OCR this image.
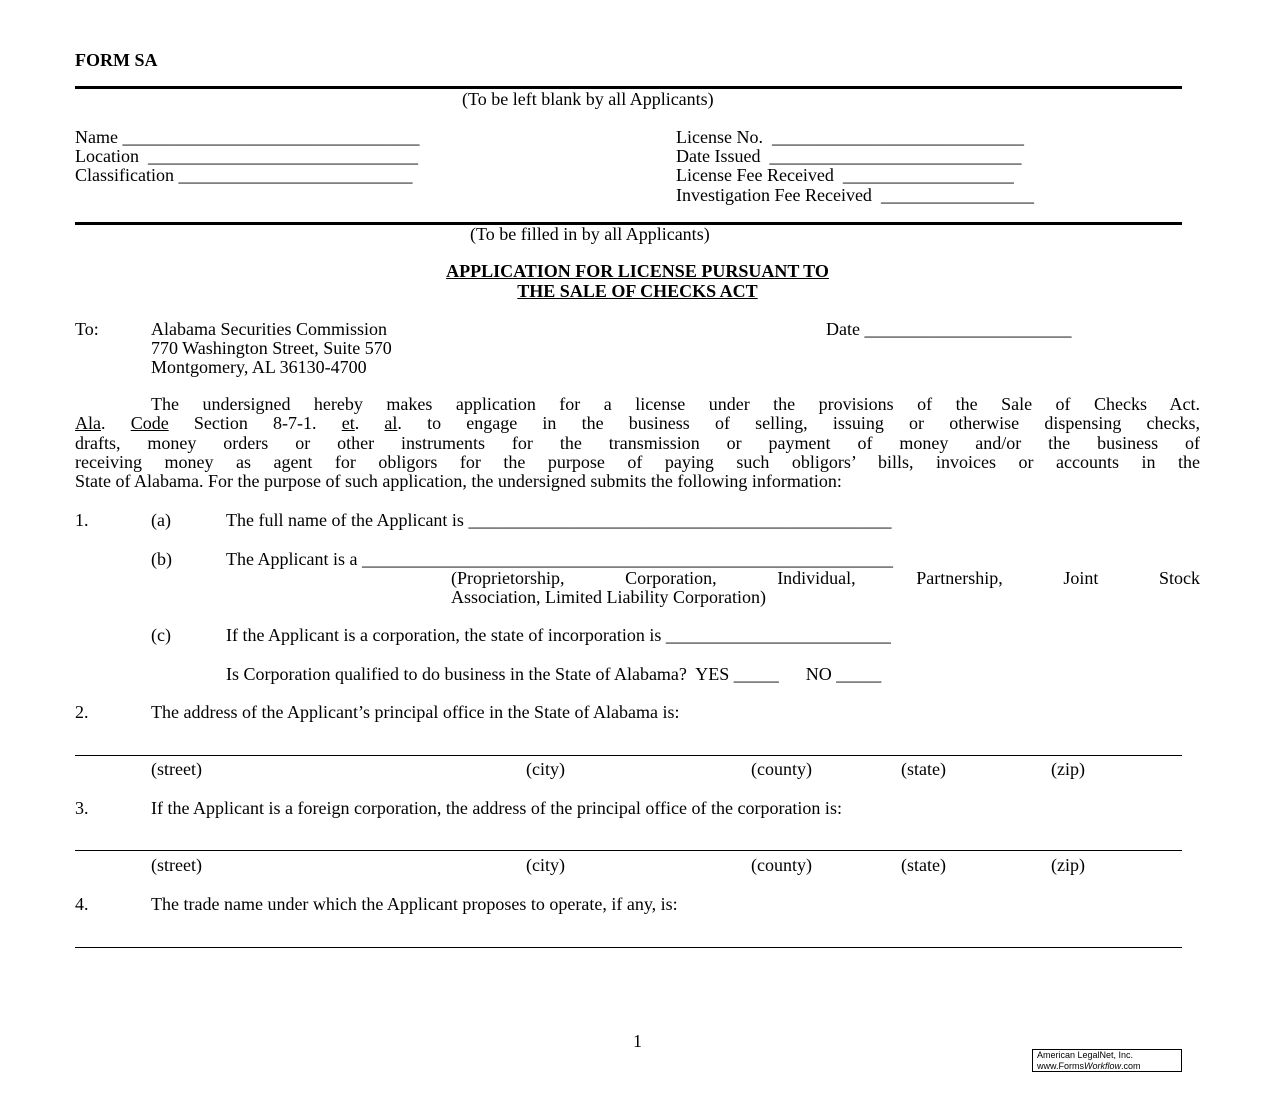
FORM SA
(To be left blank by all Applicants)
Name _________________________________
Location ______________________________
Classification __________________________
License No. ____________________________
Date Issued ____________________________
License Fee Received ___________________
Investigation Fee Received _________________
(To be filled in by all Applicants)
APPLICATION FOR LICENSE PURSUANT TO
THE SALE OF CHECKS ACT
To:	Alabama Securities Commission
770 Washington Street, Suite 570
Montgomery, AL 36130-4700
Date _______________________
The undersigned hereby makes application for a license under the provisions of the Sale of Checks Act.
Ala. Code Section 8-7-1. et. al. to engage in the business of selling, issuing or otherwise dispensing checks,
drafts, money orders or other instruments for the transmission or payment of money and/or the business of
receiving money as agent for obligors for the purpose of paying such obligors’ bills, invoices or accounts in the
State of Alabama. For the purpose of such application, the undersigned submits the following information:
1.	(a)	The full name of the Applicant is _______________________________________________
(b)	The Applicant is a ___________________________________________________________
(Proprietorship,   Corporation,   Individual,   Partnership,   Joint   Stock
Association, Limited Liability Corporation)
(c)	If the Applicant is a corporation, the state of incorporation is _________________________
Is Corporation qualified to do business in the State of Alabama? YES _____ NO _____
2.	The address of the Applicant’s principal office in the State of Alabama is:
(street)	(city)	(county)	(state)	(zip)
3.	If the Applicant is a foreign corporation, the address of the principal office of the corporation is:
(street)	(city)	(county)	(state)	(zip)
4.	The trade name under which the Applicant proposes to operate, if any, is:
1
American LegalNet, Inc.
www.FormsWorkflow.com
